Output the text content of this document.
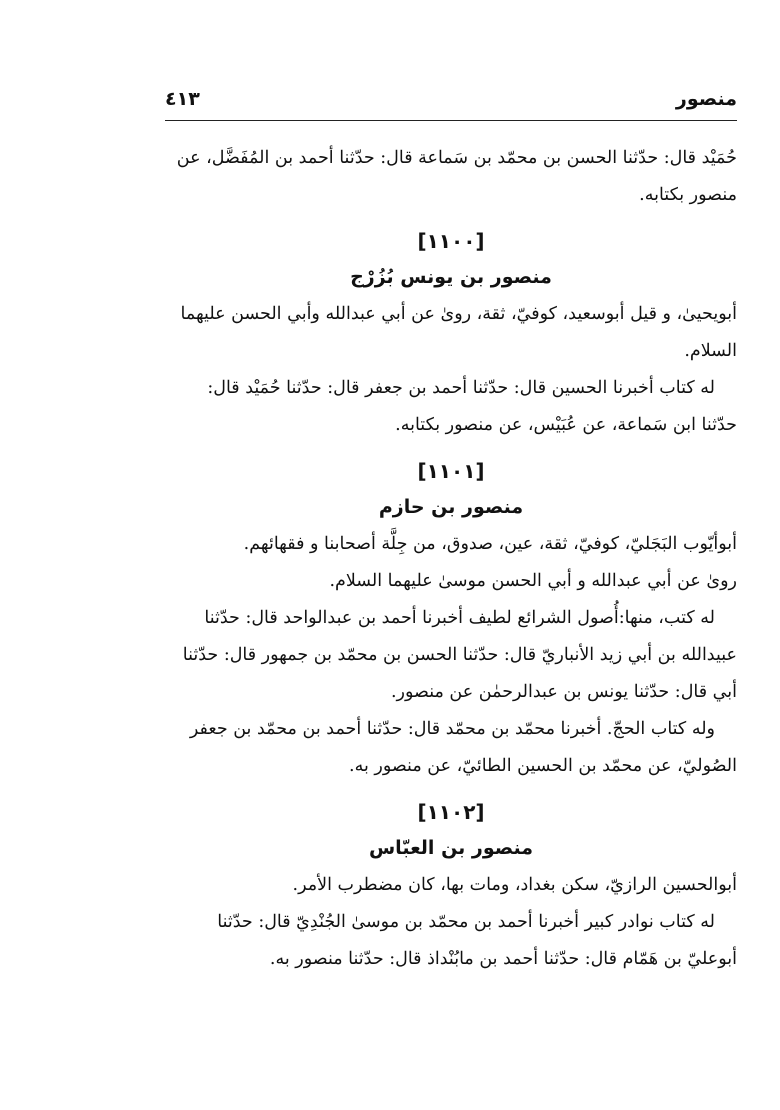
منصور
٤١٣

حُمَيْد قال: حدّثنا الحسن بن محمّد بن سَماعة قال: حدّثنا أحمد بن المُفَضَّل، عن

منصور بكتابه.

[١١٠٠]
منصور بن يونس بُزُرْج

أبويحيىٰ، و قيل أبوسعيد، كوفيّ، ثقة، روىٰ عن أبي عبدالله وأبي الحسن عليهما

السلام.

له كتاب أخبرنا الحسين قال: حدّثنا أحمد بن جعفر قال: حدّثنا حُمَيْد قال:

حدّثنا ابن سَماعة، عن عُبَيْس، عن منصور بكتابه.

[١١٠١]
منصور بن حازم

أبوأيّوب البَجَليّ، كوفيّ، ثقة، عين، صدوق، من جِلَّة أصحابنا و فقهائهم.

روىٰ عن أبي عبدالله و أبي الحسن موسىٰ عليهما السلام.

له كتب، منها:أُصول الشرائع لطيف أخبرنا أحمد بن عبدالواحد قال: حدّثنا

عبيدالله بن أبي زيد الأنباريّ قال: حدّثنا الحسن بن محمّد بن جمهور قال: حدّثنا

أبي قال: حدّثنا يونس بن عبدالرحمٰن عن منصور.

وله كتاب الحجّ. أخبرنا محمّد بن محمّد قال: حدّثنا أحمد بن محمّد بن جعفر

الصُوليّ، عن محمّد بن الحسين الطائيّ، عن منصور به.

[١١٠٢]
منصور بن العبّاس

أبوالحسين الرازيّ، سكن بغداد، ومات بها، كان مضطرب الأمر.

له كتاب نوادر كبير أخبرنا أحمد بن محمّد بن موسىٰ الجُنْدِيّ قال: حدّثنا

أبوعليّ بن هَمّام قال: حدّثنا أحمد بن مابُنْداذ قال: حدّثنا منصور به.
